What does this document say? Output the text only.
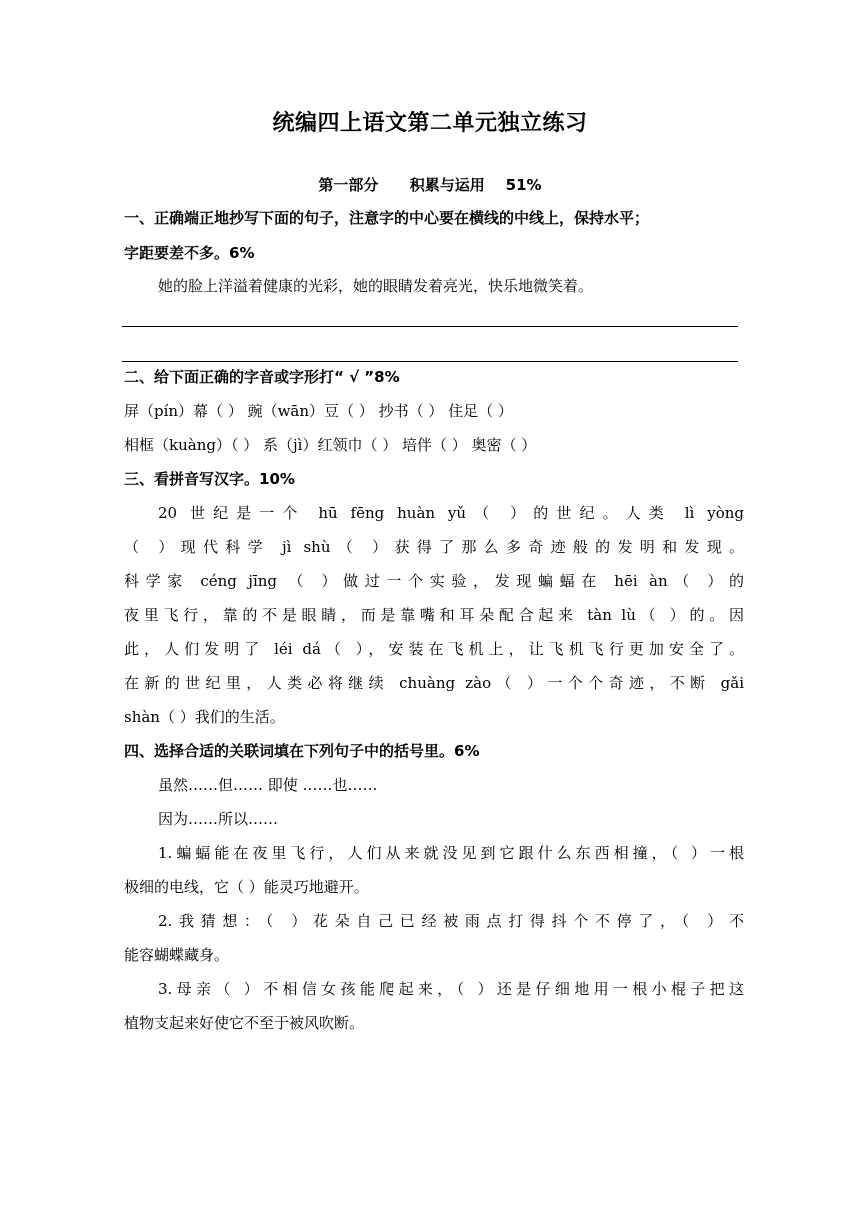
统编四上语文第二单元独立练习
第一部分      积累与运用    51%
一、正确端正地抄写下面的句子，注意字的中心要在横线的中线上，保持水平；
字距要差不多。6%
她的脸上洋溢着健康的光彩，她的眼睛发着亮光，快乐地微笑着。
二、给下面正确的字音或字形打“ √ ”8%
屏（pín）幕（ ） 豌（wān）豆（ ） 抄书（ ） 住足（ ）
相框（kuàng）（ ） 系（jì）红领巾（ ） 培伴（ ） 奥密（ ）
三、看拼音写汉字。10%
20 世纪是一个 hū fēng huàn yǔ（ ）的世纪。人类 lì yòng
（ ）现代科学 jì shù（ ）获得了那么多奇迹般的发明和发现。
科学家 céng jīng （ ）做过一个实验，发现蝙蝠在 hēi àn（ ）的
夜里飞行，靠的不是眼睛，而是靠嘴和耳朵配合起来 tàn lù（ ）的。因
此，人们发明了 léi dá（ ），安装在飞机上，让飞机飞行更加安全了。
在新的世纪里，人类必将继续 chuàng zào（ ）一个个奇迹，不断 gǎi
shàn（ ）我们的生活。
四、选择合适的关联词填在下列句子中的括号里。6%
虽然……但…… 即使 ……也……
因为……所以……
1.蝙蝠能在夜里飞行，人们从来就没见到它跟什么东西相撞，（ ）一根
极细的电线，它（ ）能灵巧地避开。
2.我猜想：（ ）花朵自己已经被雨点打得抖个不停了，（ ）不
能容蝴蝶藏身。
3.母亲（ ）不相信女孩能爬起来，（ ）还是仔细地用一根小棍子把这
植物支起来好使它不至于被风吹断。
